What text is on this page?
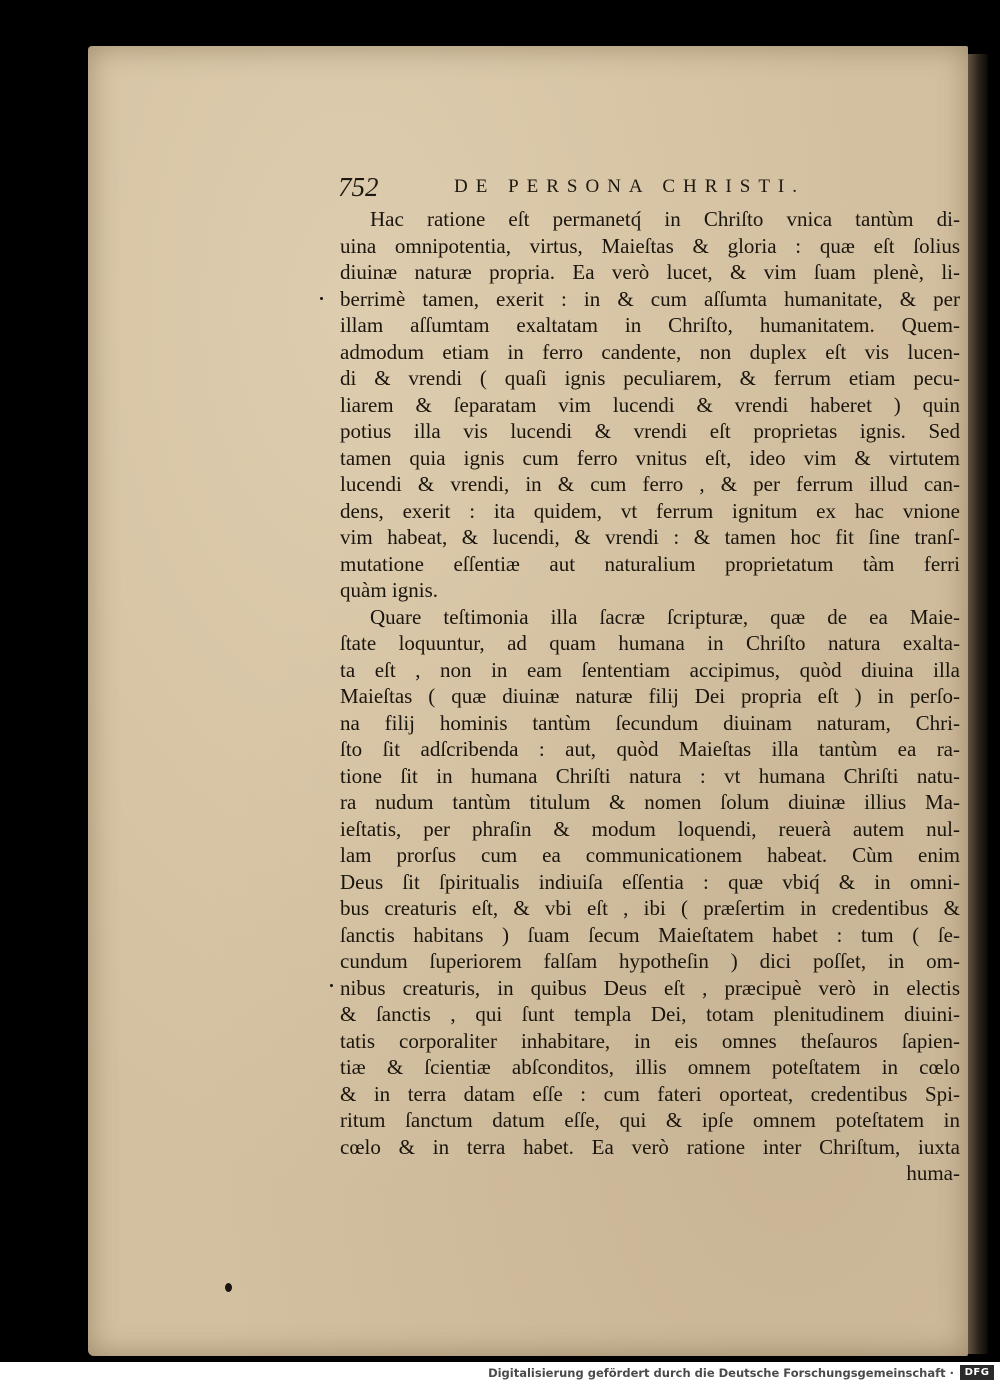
752	DE PERSONA CHRISTI.
Hac ratione eſt permanetq́ in Chriſto vnica tantùm di-
uina omnipotentia, virtus, Maieſtas & gloria : quæ eſt ſolius
diuinæ naturæ propria. Ea verò lucet, & vim ſuam plenè, li-
berrimè tamen, exerit : in & cum aſſumta humanitate, & per
illam aſſumtam exaltatam in Chriſto, humanitatem. Quem-
admodum etiam in ferro candente, non duplex eſt vis lucen-
di & vrendi ( quaſi ignis peculiarem, & ferrum etiam pecu-
liarem & ſeparatam vim lucendi & vrendi haberet ) quin
potius illa vis lucendi & vrendi eſt proprietas ignis. Sed
tamen quia ignis cum ferro vnitus eſt, ideo vim & virtutem
lucendi & vrendi, in & cum ferro , & per ferrum illud can-
dens, exerit : ita quidem, vt ferrum ignitum ex hac vnione
vim habeat, & lucendi, & vrendi : & tamen hoc fit ſine tranſ-
mutatione eſſentiæ aut naturalium proprietatum tàm ferri
quàm ignis.
Quare teſtimonia illa ſacræ ſcripturæ, quæ de ea Maie-
ſtate loquuntur, ad quam humana in Chriſto natura exalta-
ta eſt , non in eam ſententiam accipimus, quòd diuina illa
Maieſtas ( quæ diuinæ naturæ filij Dei propria eſt ) in perſo-
na filij hominis tantùm ſecundum diuinam naturam, Chri-
ſto ſit adſcribenda : aut, quòd Maieſtas illa tantùm ea ra-
tione ſit in humana Chriſti natura : vt humana Chriſti natu-
ra nudum tantùm titulum & nomen ſolum diuinæ illius Ma-
ieſtatis, per phraſin & modum loquendi, reuerà autem nul-
lam prorſus cum ea communicationem habeat. Cùm enim
Deus ſit ſpiritualis indiuiſa eſſentia : quæ vbiq́ & in omni-
bus creaturis eſt, & vbi eſt , ibi ( præſertim in credentibus &
ſanctis habitans ) ſuam ſecum Maieſtatem habet : tum ( ſe-
cundum ſuperiorem falſam hypotheſin ) dici poſſet, in om-
nibus creaturis, in quibus Deus eſt , præcipuè verò in electis
& ſanctis , qui ſunt templa Dei, totam plenitudinem diuini-
tatis corporaliter inhabitare, in eis omnes theſauros ſapien-
tiæ & ſcientiæ abſconditos, illis omnem poteſtatem in cœlo
& in terra datam eſſe : cum fateri oporteat, credentibus Spi-
ritum ſanctum datum eſſe, qui & ipſe omnem poteſtatem in
cœlo & in terra habet. Ea verò ratione inter Chriſtum, iuxta
huma-
Digitalisierung gefördert durch die Deutsche Forschungsgemeinschaft ·	DFG
